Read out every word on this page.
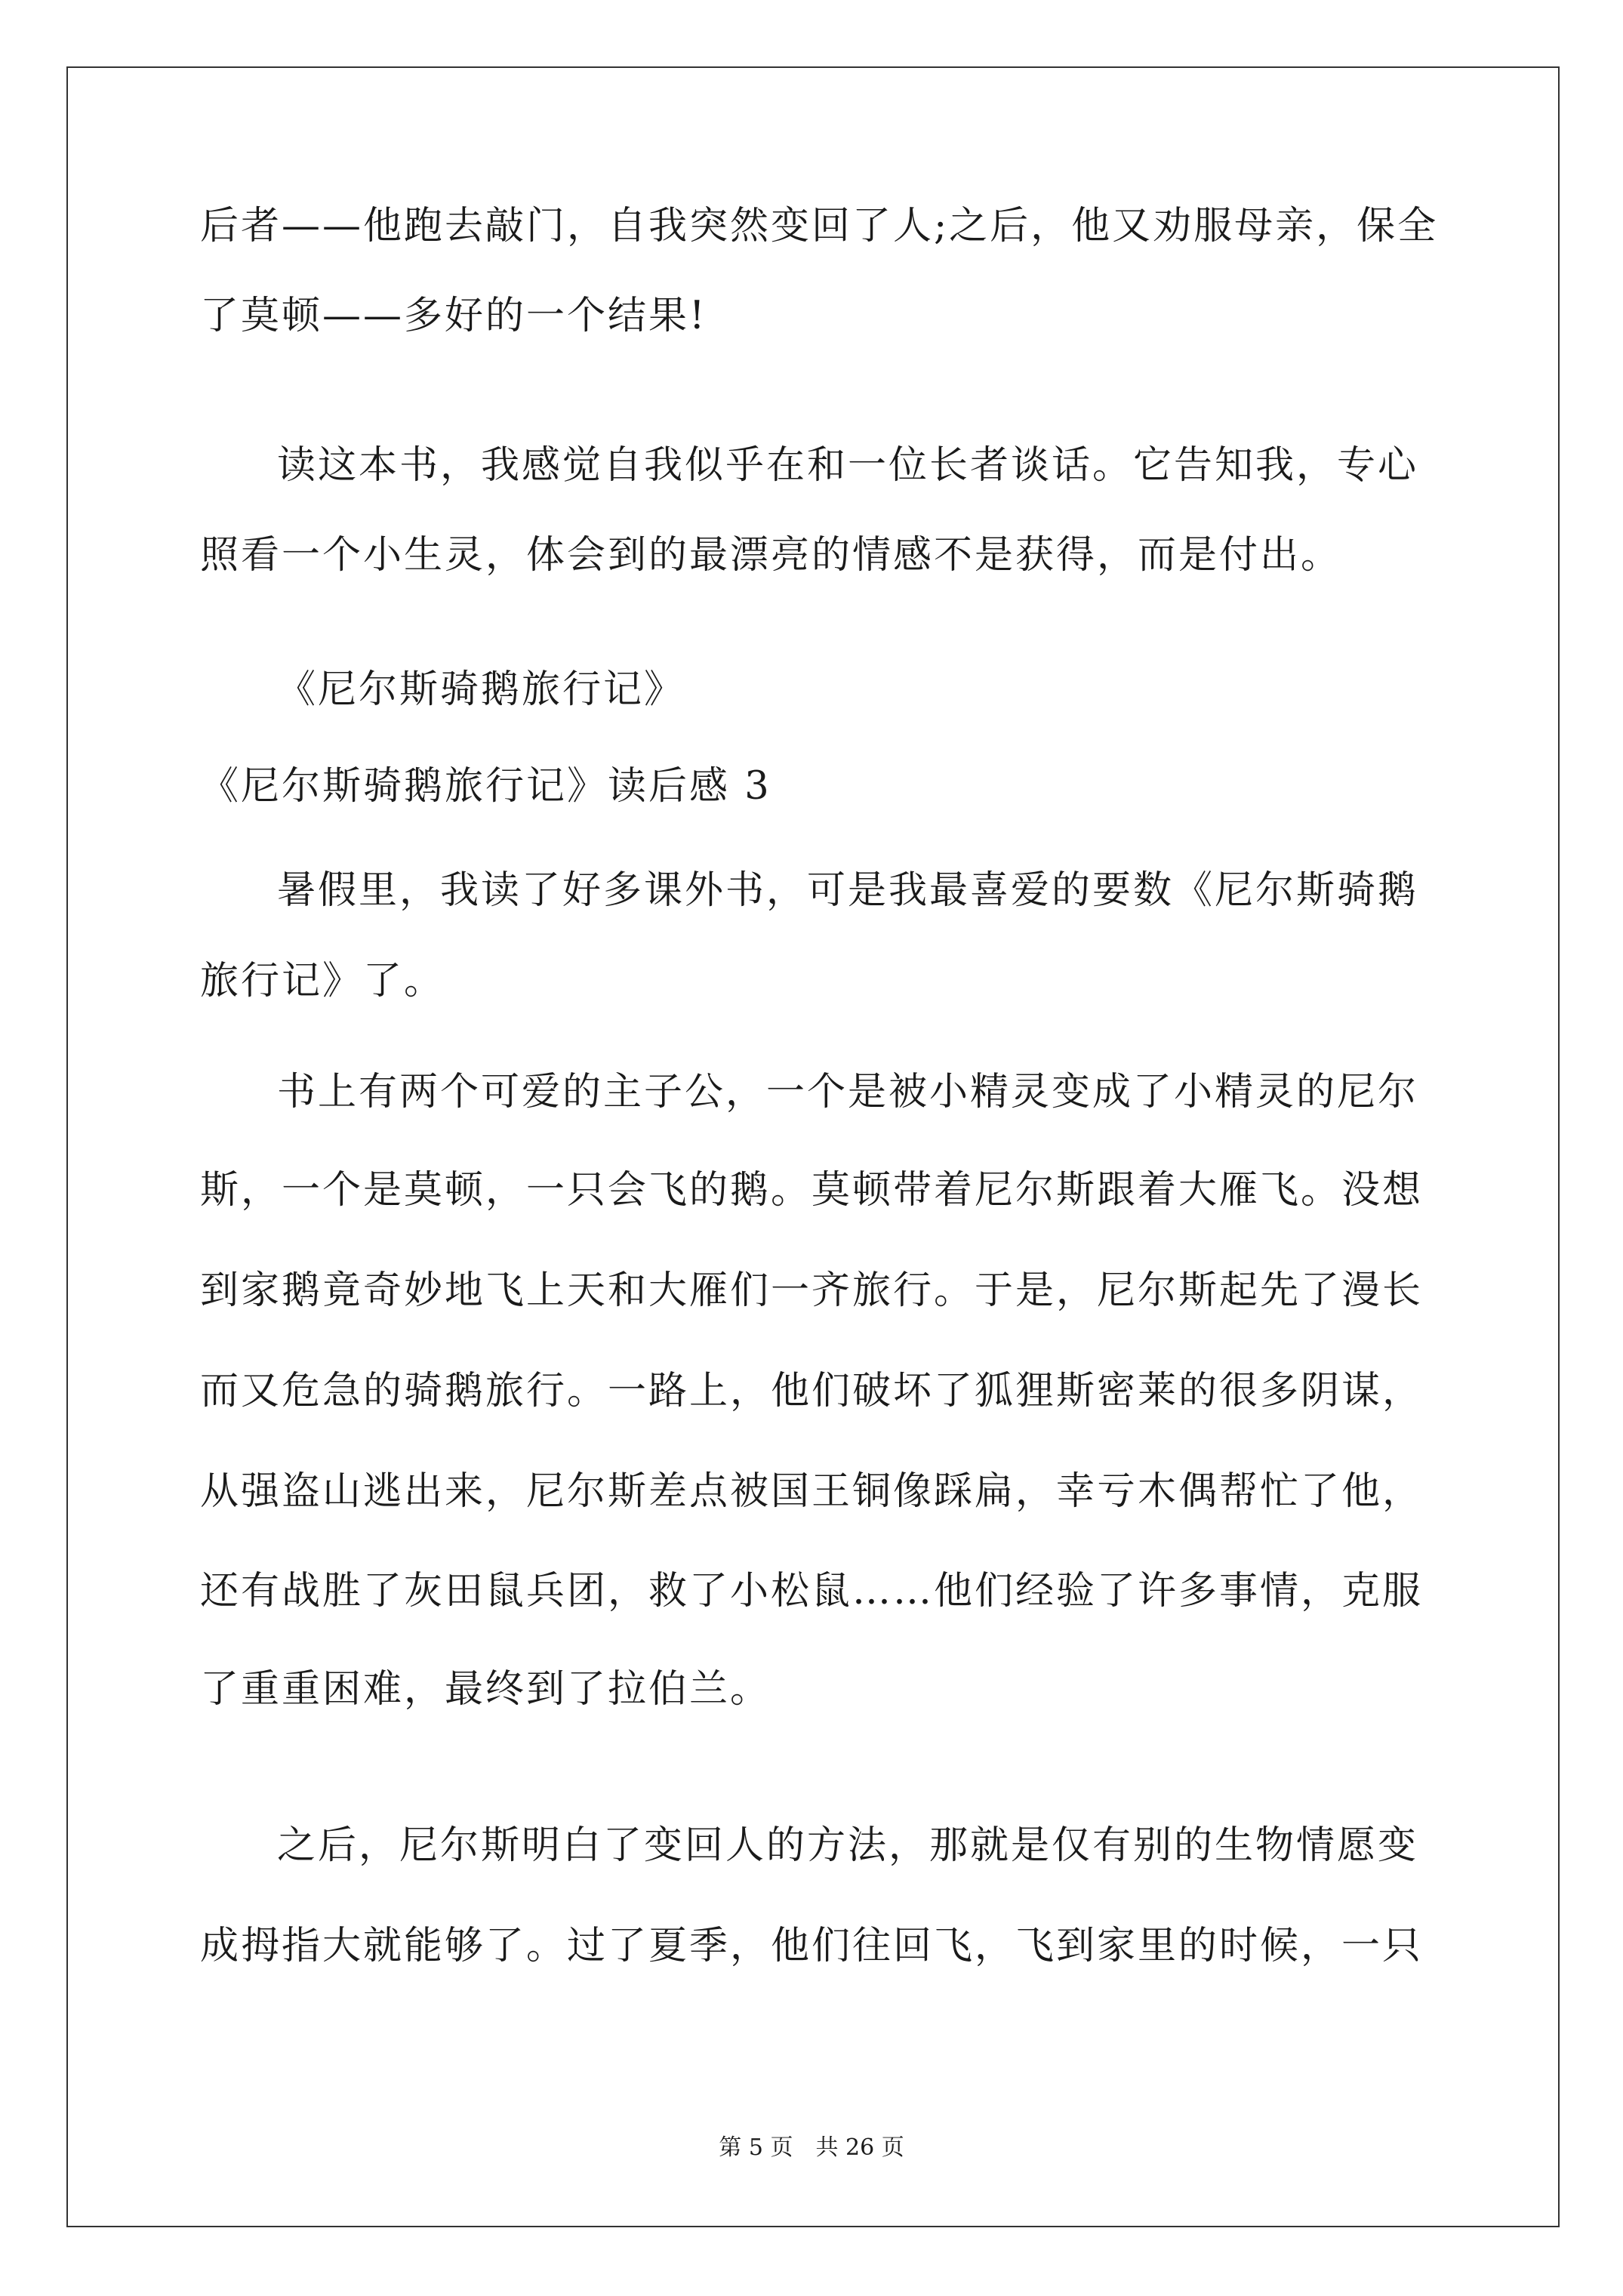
后者——他跑去敲门，自我突然变回了人;之后，他又劝服母亲，保全
了莫顿——多好的一个结果!
读这本书，我感觉自我似乎在和一位长者谈话。它告知我，专心
照看一个小生灵，体会到的最漂亮的情感不是获得，而是付出。
《尼尔斯骑鹅旅行记》
《尼尔斯骑鹅旅行记》读后感 3
暑假里，我读了好多课外书，可是我最喜爱的要数《尼尔斯骑鹅
旅行记》了。
书上有两个可爱的主子公，一个是被小精灵变成了小精灵的尼尔
斯，一个是莫顿，一只会飞的鹅。莫顿带着尼尔斯跟着大雁飞。没想
到家鹅竟奇妙地飞上天和大雁们一齐旅行。于是，尼尔斯起先了漫长
而又危急的骑鹅旅行。一路上，他们破坏了狐狸斯密莱的很多阴谋，
从强盗山逃出来，尼尔斯差点被国王铜像踩扁，幸亏木偶帮忙了他，
还有战胜了灰田鼠兵团，救了小松鼠……他们经验了许多事情，克服
了重重困难，最终到了拉伯兰。
之后，尼尔斯明白了变回人的方法，那就是仅有别的生物情愿变
成拇指大就能够了。过了夏季，他们往回飞，飞到家里的时候，一只
第 5 页　共 26 页
